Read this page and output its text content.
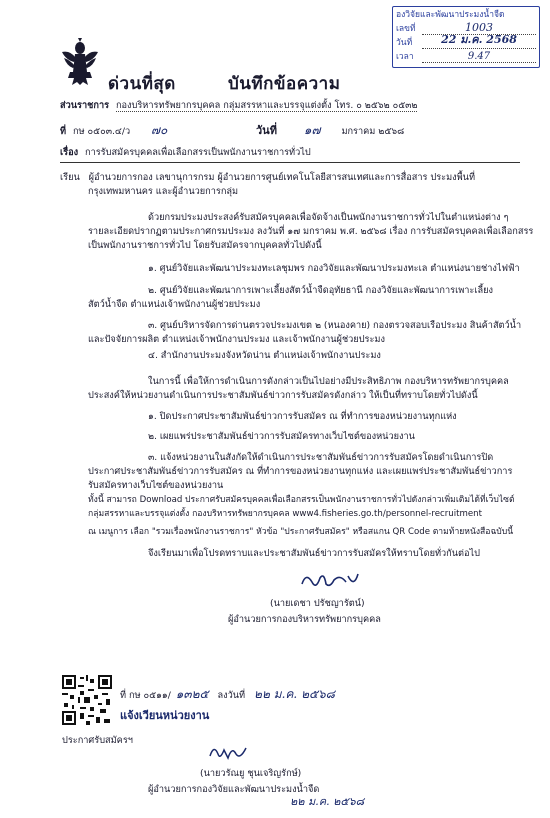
องวิจัยและพัฒนาประมงน้ำจืด
เลขที่	1003
วันที่	22 ม.ค. 2568
เวลา	9.47
ด่วนที่สุด	บันทึกข้อความ
ส่วนราชการ กองบริหารทรัพยากรบุคคล กลุ่มสรรหาและบรรจุแต่งตั้ง โทร. ๐ ๒๕๖๒ ๐๕๓๒
ที่ กษ ๐๕๐๓.๔/ว ๗๐	วันที่ ๑๗ มกราคม ๒๕๖๘
เรื่อง การรับสมัครบุคคลเพื่อเลือกสรรเป็นพนักงานราชการทั่วไป
เรียน ผู้อำนวยการกอง เลขานุการกรม ผู้อำนวยการศูนย์เทคโนโลยีสารสนเทศและการสื่อสาร ประมงพื้นที่
กรุงเทพมหานคร และผู้อำนวยการกลุ่ม
ด้วยกรมประมงประสงค์รับสมัครบุคคลเพื่อจัดจ้างเป็นพนักงานราชการทั่วไปในตำแหน่งต่าง ๆ
รายละเอียดปรากฏตามประกาศกรมประมง ลงวันที่ ๑๗ มกราคม พ.ศ. ๒๕๖๘ เรื่อง การรับสมัครบุคคลเพื่อเลือกสรร
เป็นพนักงานราชการทั่วไป โดยรับสมัครจากบุคคลทั่วไปดังนี้
๑. ศูนย์วิจัยและพัฒนาประมงทะเลชุมพร กองวิจัยและพัฒนาประมงทะเล ตำแหน่งนายช่างไฟฟ้า
๒. ศูนย์วิจัยและพัฒนาการเพาะเลี้ยงสัตว์น้ำจืดอุทัยธานี กองวิจัยและพัฒนาการเพาะเลี้ยง
สัตว์น้ำจืด ตำแหน่งเจ้าพนักงานผู้ช่วยประมง
๓. ศูนย์บริหารจัดการด่านตรวจประมงเขต ๒ (หนองคาย) กองตรวจสอบเรือประมง สินค้าสัตว์น้ำ
และปัจจัยการผลิต ตำแหน่งเจ้าพนักงานประมง และเจ้าพนักงานผู้ช่วยประมง
๔. สำนักงานประมงจังหวัดน่าน ตำแหน่งเจ้าพนักงานประมง
ในการนี้ เพื่อให้การดำเนินการดังกล่าวเป็นไปอย่างมีประสิทธิภาพ กองบริหารทรัพยากรบุคคล
ประสงค์ให้หน่วยงานดำเนินการประชาสัมพันธ์ข่าวการรับสมัครดังกล่าว ให้เป็นที่ทราบโดยทั่วไปดังนี้
๑. ปิดประกาศประชาสัมพันธ์ข่าวการรับสมัคร ณ ที่ทำการของหน่วยงานทุกแห่ง
๒. เผยแพร่ประชาสัมพันธ์ข่าวการรับสมัครทางเว็บไซต์ของหน่วยงาน
๓. แจ้งหน่วยงานในสังกัดให้ดำเนินการประชาสัมพันธ์ข่าวการรับสมัครโดยดำเนินการปิด
ประกาศประชาสัมพันธ์ข่าวการรับสมัคร ณ ที่ทำการของหน่วยงานทุกแห่ง และเผยแพร่ประชาสัมพันธ์ข่าวการ
รับสมัครทางเว็บไซต์ของหน่วยงาน
ทั้งนี้ สามารถ Download ประกาศรับสมัครบุคคลเพื่อเลือกสรรเป็นพนักงานราชการทั่วไปดังกล่าวเพิ่มเติมได้ที่เว็บไซต์
กลุ่มสรรหาและบรรจุแต่งตั้ง กองบริหารทรัพยากรบุคคล www4.fisheries.go.th/personnel-recruitment
ณ เมนูการ เลือก "รวมเรื่องพนักงานราชการ" หัวข้อ "ประกาศรับสมัคร" หรือสแกน QR Code ตามท้ายหนังสือฉบับนี้
จึงเรียนมาเพื่อโปรดทราบและประชาสัมพันธ์ข่าวการรับสมัครให้ทราบโดยทั่วกันต่อไป
(นายเดชา ปรัชญารัตน์)
ผู้อำนวยการกองบริหารทรัพยากรบุคคล
ที่ กษ ๐๕๑๑/ ๑๓๒๕ ลงวันที่ ๒๒ ม.ค. ๒๕๖๘
แจ้งเวียนหน่วยงาน
ประกาศรับสมัครฯ
(นายวรัณยู ชุนเจริญรักษ์)
ผู้อำนวยการกองวิจัยและพัฒนาประมงน้ำจืด
๒๒ ม.ค. ๒๕๖๘
